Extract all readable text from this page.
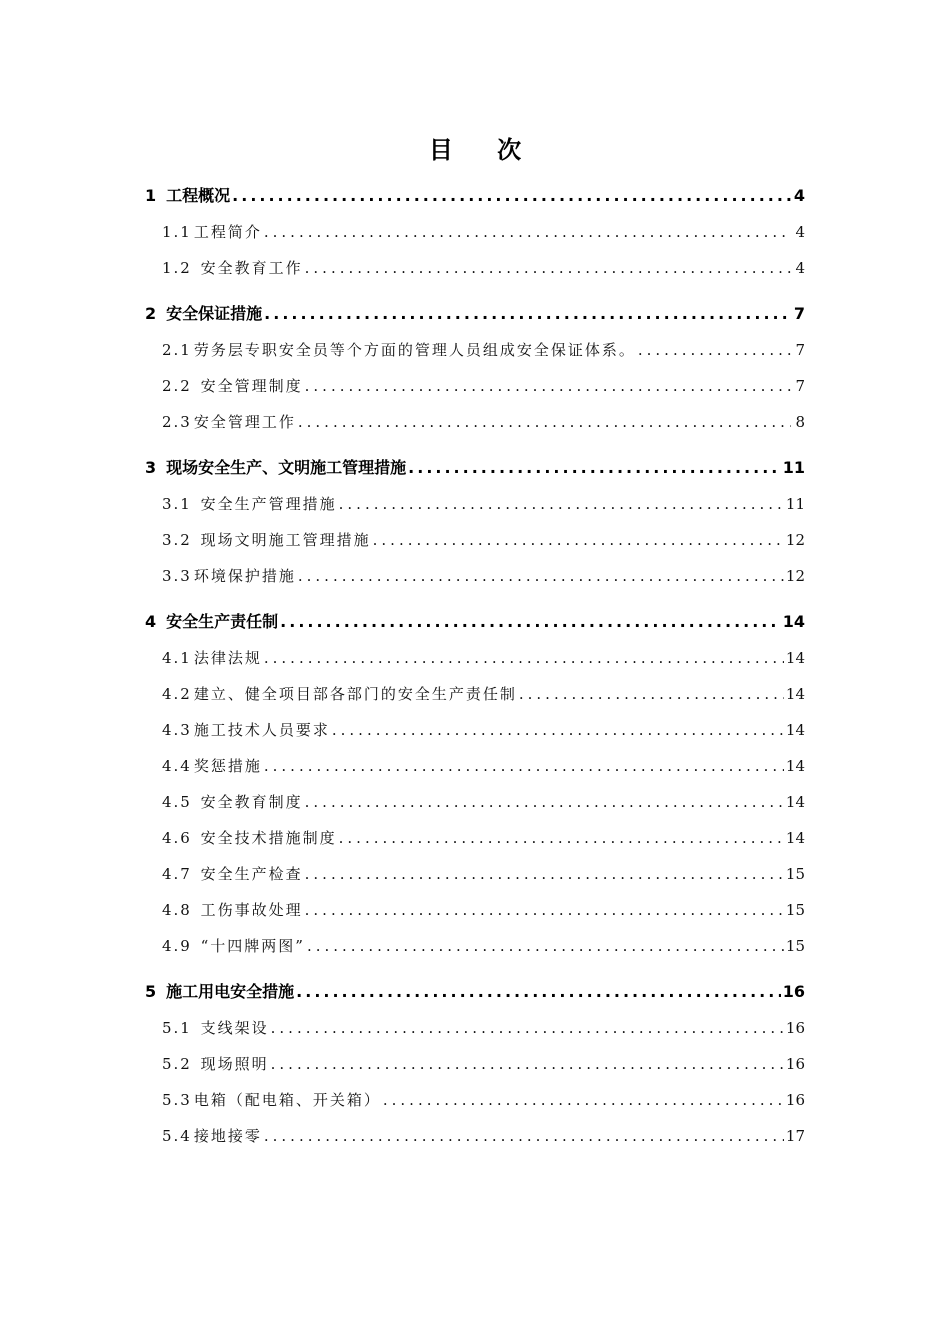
目 次
1 工程概况 .....	4
1.1 工程简介 .....	4
1.2 安全教育工作 .....	4
2 安全保证措施 .....	7
2.1 劳务层专职安全员等个方面的管理人员组成安全保证体系。 .....	7
2.2 安全管理制度 .....	7
2.3 安全管理工作 .....	8
3 现场安全生产、文明施工管理措施 .....	11
3.1 安全生产管理措施 .....	11
3.2 现场文明施工管理措施 .....	12
3.3 环境保护措施 .....	12
4 安全生产责任制 .....	14
4.1 法律法规 .....	14
4.2 建立、健全项目部各部门的安全生产责任制 .....	14
4.3 施工技术人员要求 .....	14
4.4 奖惩措施 .....	14
4.5 安全教育制度 .....	14
4.6 安全技术措施制度 .....	14
4.7 安全生产检查 .....	15
4.8 工伤事故处理 .....	15
4.9 “十四牌两图” .....	15
5 施工用电安全措施 .....	16
5.1 支线架设 .....	16
5.2 现场照明 .....	16
5.3 电箱（配电箱、开关箱） .....	16
5.4 接地接零 .....	17
